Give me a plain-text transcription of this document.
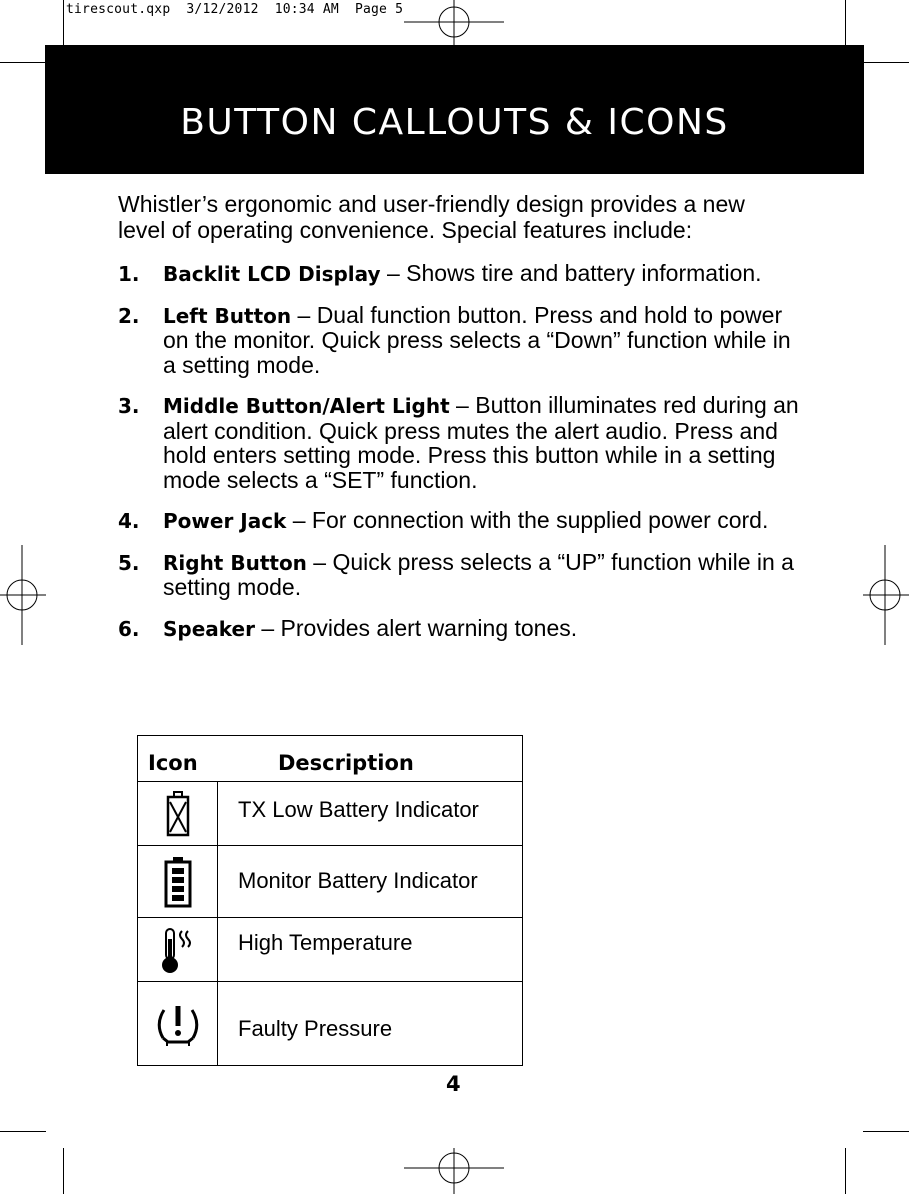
tirescout.qxp  3/12/2012  10:34 AM  Page 5
BUTTON CALLOUTS & ICONS

Whistler’s ergonomic and user-friendly design provides a new level of operating convenience. Special features include:

1. Backlit LCD Display – Shows tire and battery information.
2. Left Button – Dual function button. Press and hold to power on the monitor. Quick press selects a “Down” function while in a setting mode.
3. Middle Button/Alert Light – Button illuminates red during an alert condition. Quick press mutes the alert audio. Press and hold enters setting mode. Press this button while in a setting mode selects a “SET” function.
4. Power Jack – For connection with the supplied power cord.
5. Right Button – Quick press selects a “UP” function while in a setting mode.
6. Speaker – Provides alert warning tones.
Icon	Description
TX Low Battery Indicator
Monitor Battery Indicator
High Temperature
Faulty Pressure
4
